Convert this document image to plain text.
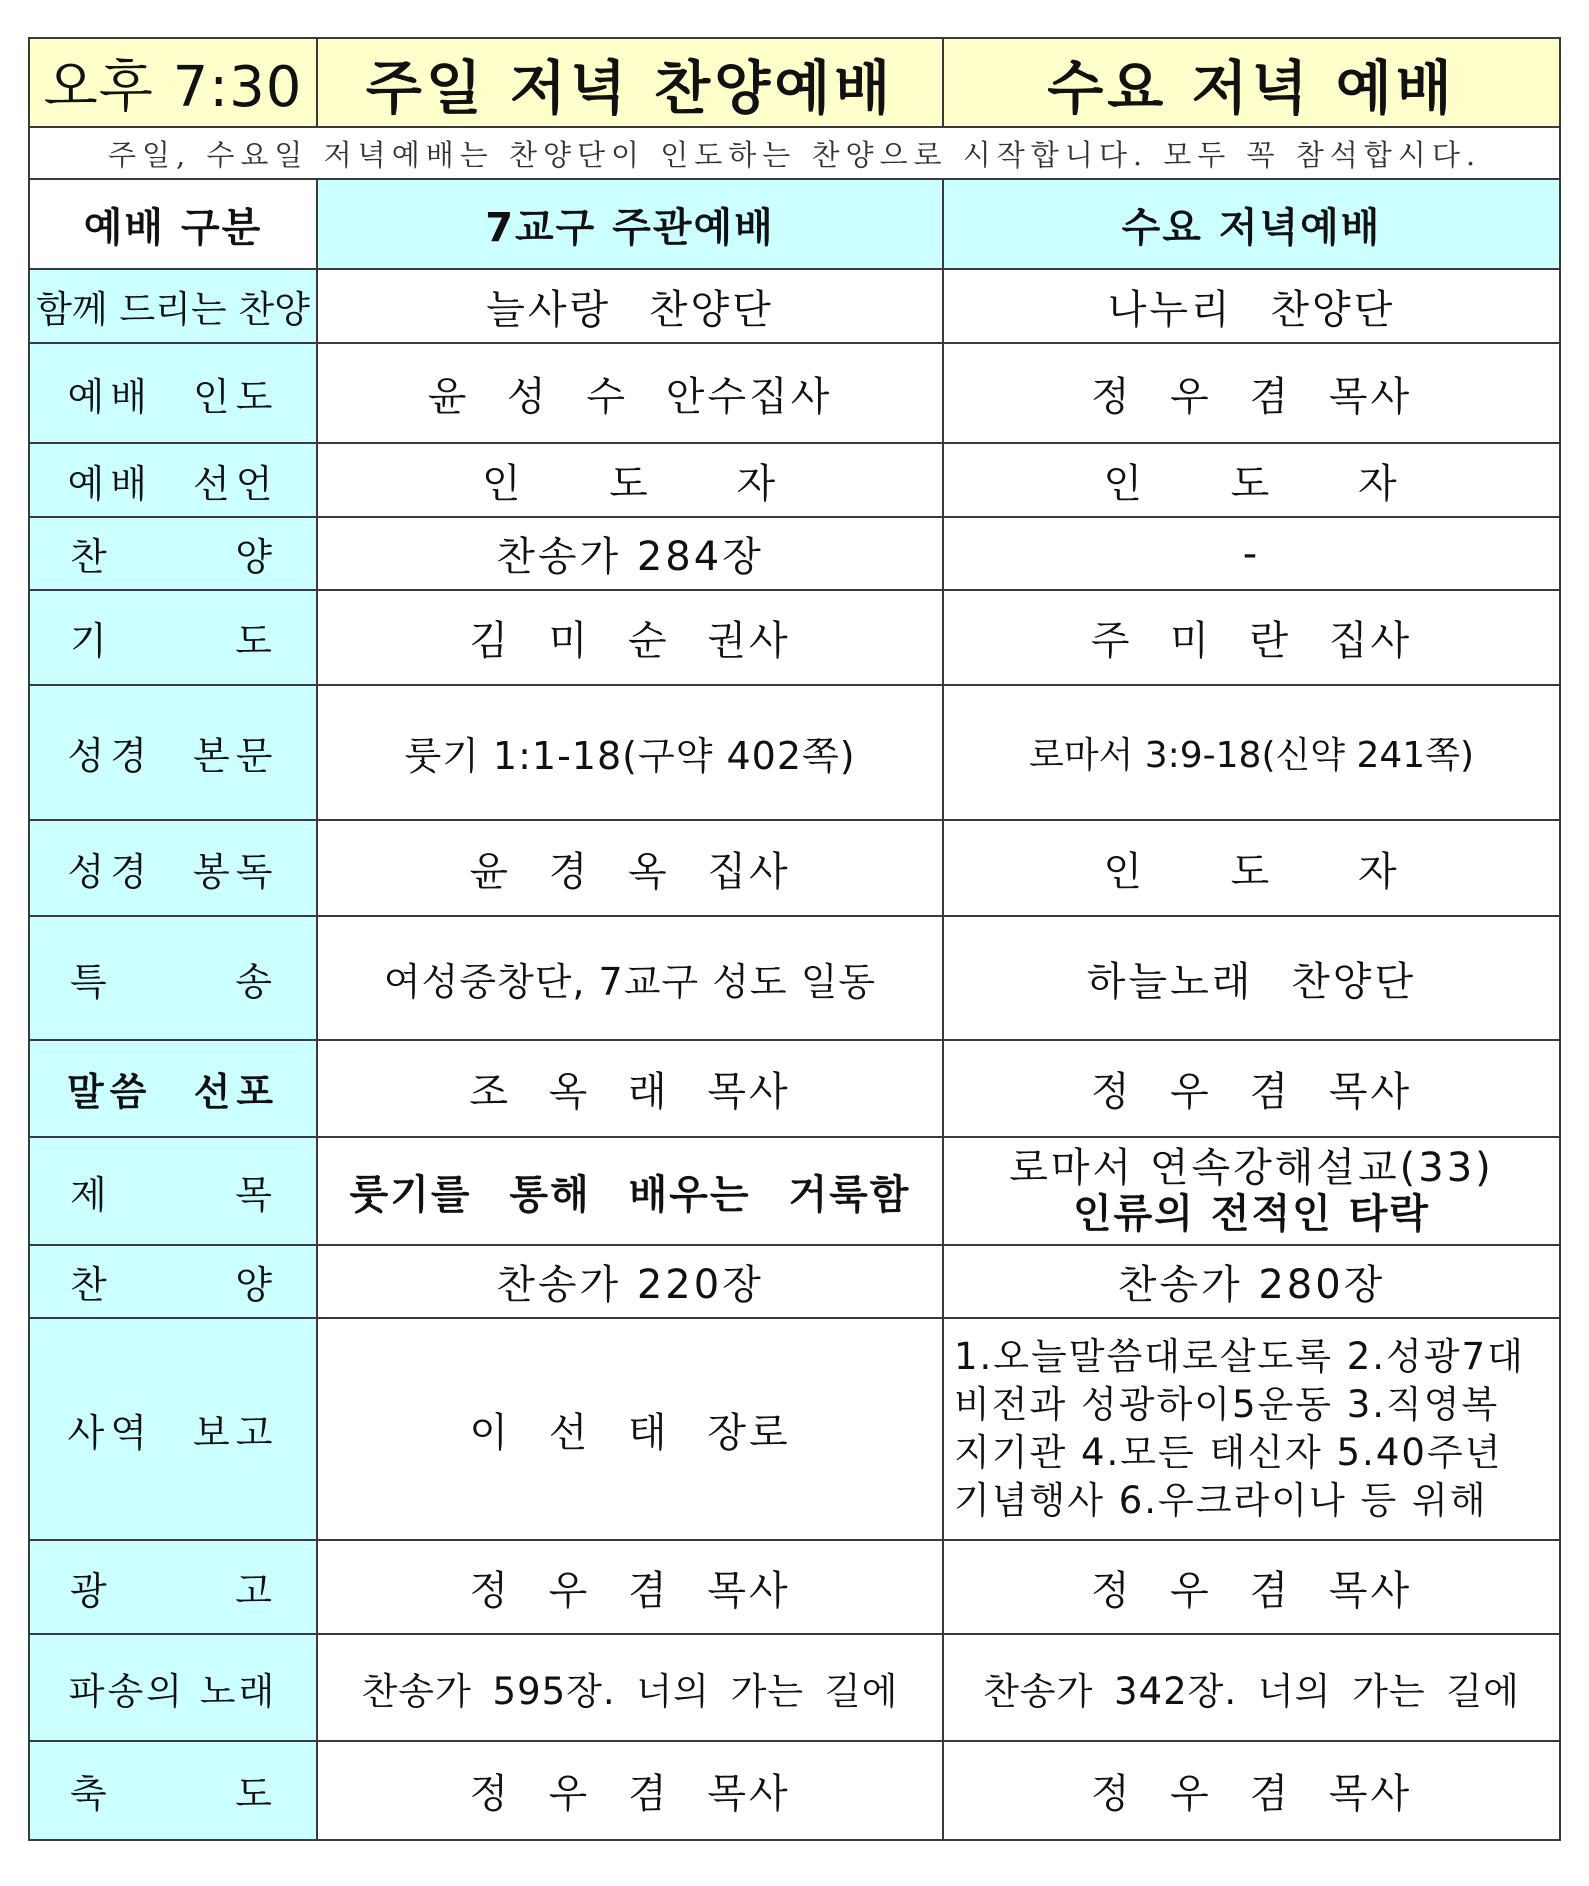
오후 7:30	주일 저녁 찬양예배	수요 저녁 예배
주일, 수요일 저녁예배는 찬양단이 인도하는 찬양으로 시작합니다. 모두 꼭 참석합시다.		
예배 구분	7교구 주관예배	수요 저녁예배
함께 드리는 찬양	늘사랑 찬양단	나누리 찬양단
예배 인도	윤 성 수 안수집사	정 우 겸 목사
예배 선언	인 도 자	인 도 자

찬 양	찬송가 284장	-

기 도	김 미 순 권사	주 미 란 집사
성경 본문	룻기 1:1-18(구약 402쪽)	로마서 3:9-18(신약 241쪽)
성경 봉독	윤 경 옥 집사	인 도 자

특 송	여성중창단, 7교구 성도 일동	하늘노래 찬양단
말씀 선포	조 옥 래 목사	정 우 겸 목사

제 목	룻기를 통해 배우는 거룩함	로마서 연속강해설교(33)
인류의 전적인 타락

찬 양	찬송가 220장	찬송가 280장
사역 보고	이 선 태 장로	1.오늘말씀대로살도록 2.성광7대
비전과 성광하이5운동 3.직영복
지기관 4.모든 태신자 5.40주년
기념행사 6.우크라이나 등 위해

광 고	정 우 겸 목사	정 우 겸 목사
파송의 노래	찬송가 595장. 너의 가는 길에	찬송가 342장. 너의 가는 길에

축 도	정 우 겸 목사	정 우 겸 목사
